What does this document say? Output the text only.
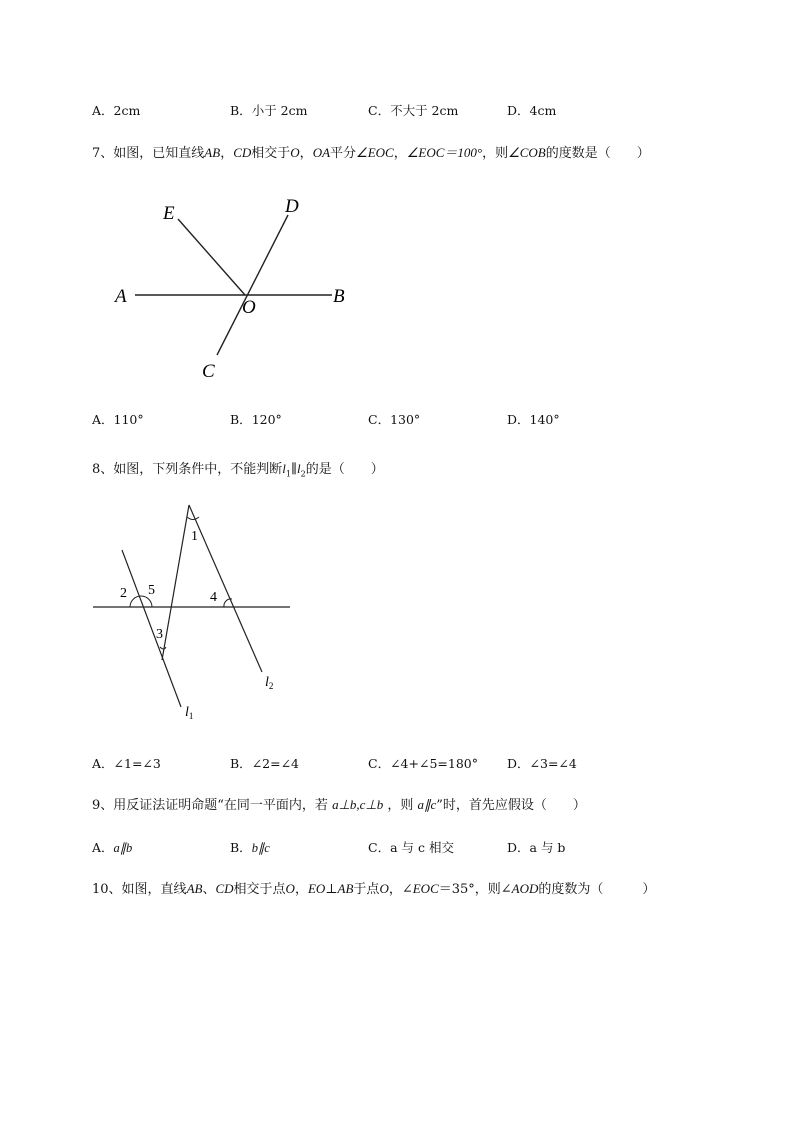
A．2cm	B．小于 2cm	C．不大于 2cm	D．4cm
7、如图，已知直线AB，CD相交于O，OA平分∠EOC，∠EOC＝100°，则∠COB的度数是（　　）
E	D
A	B
O
C
A．110°	B．120°	C．130°	D．140°
8、如图，下列条件中，不能判断$l_1\parallel l_2$的是（　　）
1
2 5	4
3
$l_2$
$l_1$
A．∠1=∠3	B．∠2=∠4	C．∠4+∠5=180° D．∠3=∠4
9、用反证法证明命题“在同一平面内，若 a⊥b,c⊥b ，则 a∥c”时，首先应假设（　　）
A．a∥b	B．b∥c	C．a 与 c 相交	D．a 与 b
10、如图，直线AB、CD相交于点O，EO⊥AB于点O，∠EOC＝35°，则∠AOD的度数为（　　　）
